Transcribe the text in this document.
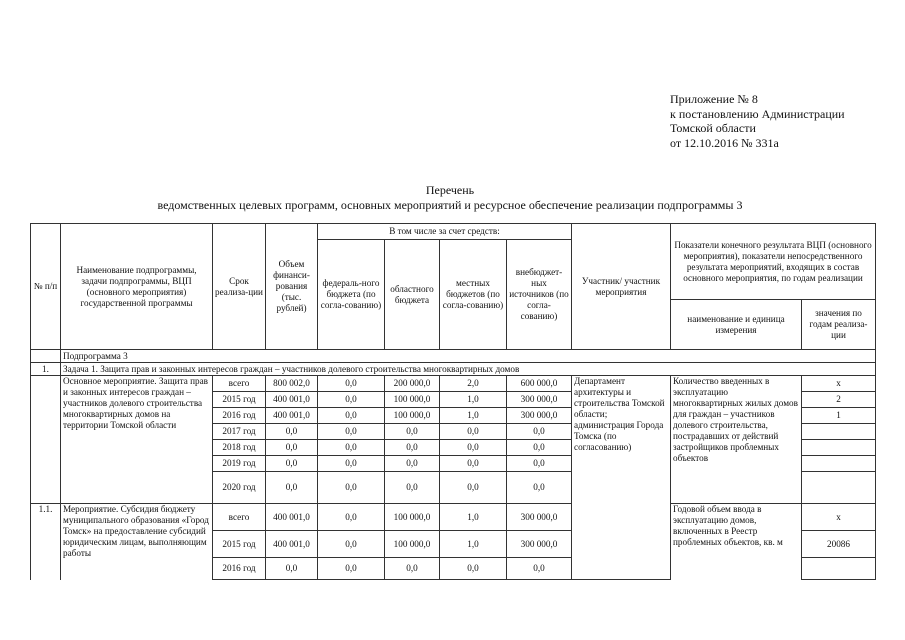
Приложение № 8
к постановлению Администрации
Томской области
от 12.10.2016 № 331а
Перечень
ведомственных целевых программ, основных мероприятий и ресурсное обеспечение реализации подпрограммы 3
№ п/п	Наименование подпрограммы, задачи подпрограммы, ВЦП (основного мероприятия) государственной программы	Срок реализа-ции	Объем финанси-рования (тыс. рублей)	В том числе за счет средств:				Участник/ участник мероприятия	Показатели конечного результата ВЦП (основного мероприятия), показатели непосредственного результата мероприятий, входящих в состав основного мероприятия, по годам реализации	
				федераль-ного бюджета (по согла-сованию)	областного бюджета	местных бюджетов (по согла-сованию)	внебюджет-ных источников (по согла-сованию)			
									наименование и единица измерения	значения по годам реализа-ции
	Подпрограмма 3									
1.	Задача 1. Защита прав и законных интересов граждан – участников долевого строительства многоквартирных домов									
	Основное мероприятие. Защита прав и законных интересов граждан – участников долевого строительства многоквартирных домов на территории Томской области	всего	800 002,0	0,0	200 000,0	2,0	600 000,0	Департамент архитектуры и строительства Томской области; администрация Города Томска (по согласованию)	Количество введенных в эксплуатацию многоквартирных жилых домов для граждан – участников долевого строительства, пострадавших от действий застройщиков проблемных объектов	х
		2015 год	400 001,0	0,0	100 000,0	1,0	300 000,0			2
		2016 год	400 001,0	0,0	100 000,0	1,0	300 000,0			1
		2017 год	0,0	0,0	0,0	0,0	0,0			
		2018 год	0,0	0,0	0,0	0,0	0,0			
		2019 год	0,0	0,0	0,0	0,0	0,0			
		2020 год	0,0	0,0	0,0	0,0	0,0			
1.1.	Мероприятие. Субсидия бюджету муниципального образования «Город Томск» на предоставление субсидий юридическим лицам, выполняющим работы	всего	400 001,0	0,0	100 000,0	1,0	300 000,0		Годовой объем ввода в эксплуатацию домов, включенных в Реестр проблемных объектов, кв. м	х
		2015 год	400 001,0	0,0	100 000,0	1,0	300 000,0			20086
		2016 год	0,0	0,0	0,0	0,0	0,0			
